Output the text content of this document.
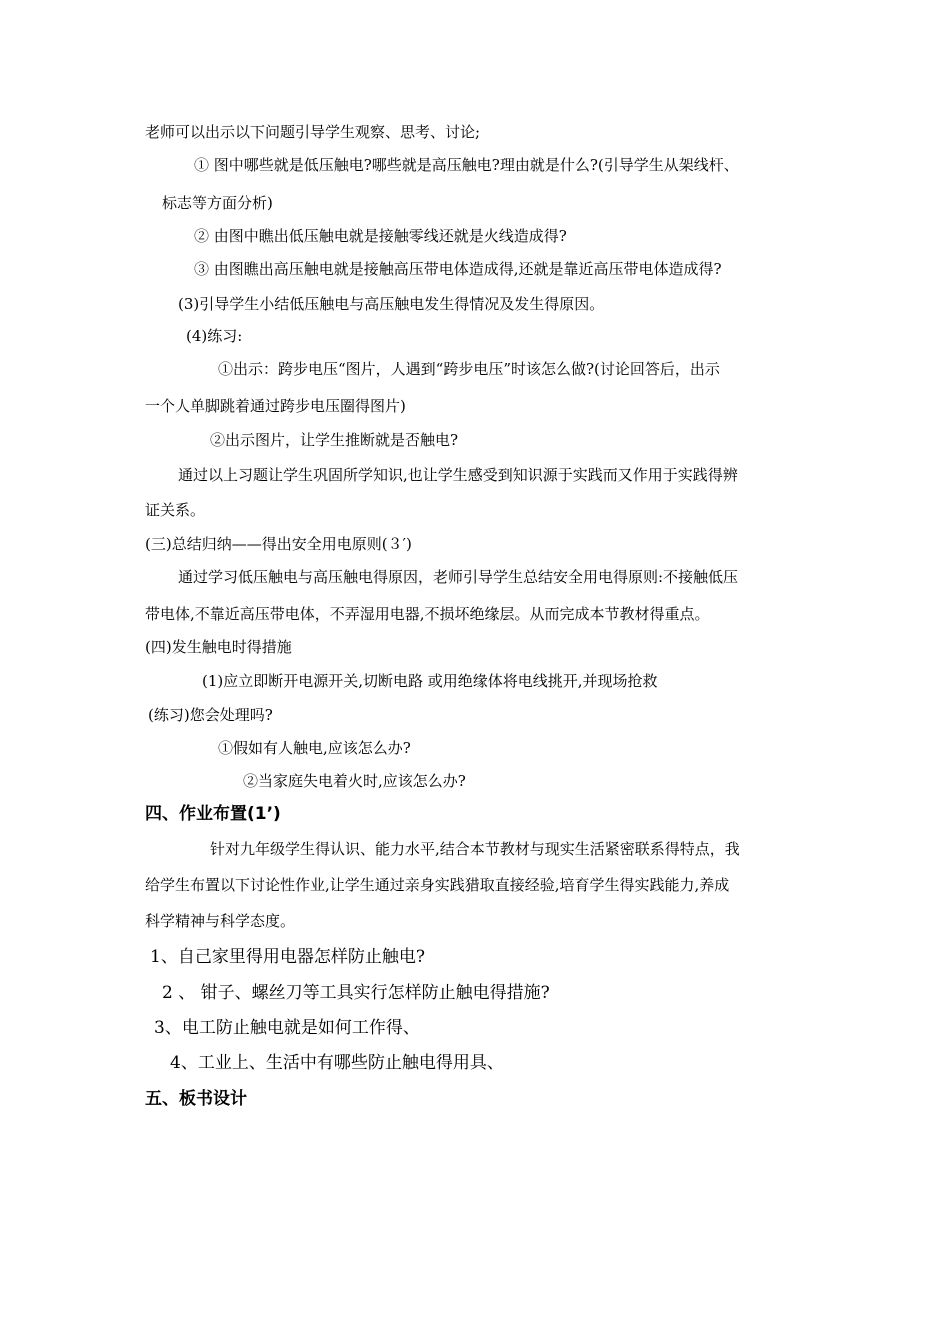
老师可以出示以下问题引导学生观察、思考、讨论;
① 图中哪些就是低压触电?哪些就是高压触电?理由就是什么?(引导学生从架线杆、
标志等方面分析)
② 由图中瞧出低压触电就是接触零线还就是火线造成得?
③ 由图瞧出高压触电就是接触高压带电体造成得,还就是靠近高压带电体造成得?
(3)引导学生小结低压触电与高压触电发生得情况及发生得原因。
(4)练习:
①出示：跨步电压“图片，人遇到“跨步电压”时该怎么做?(讨论回答后，出示
一个人单脚跳着通过跨步电压圈得图片)
②出示图片，让学生推断就是否触电?
通过以上习题让学生巩固所学知识,也让学生感受到知识源于实践而又作用于实践得辨
证关系。
(三)总结归纳——得出安全用电原则(３′)
通过学习低压触电与高压触电得原因，老师引导学生总结安全用电得原则:不接触低压
带电体,不靠近高压带电体，不弄湿用电器,不损坏绝缘层。从而完成本节教材得重点。
(四)发生触电时得措施
(1)应立即断开电源开关,切断电路 或用绝缘体将电线挑开,并现场抢救
(练习)您会处理吗?
①假如有人触电,应该怎么办?
②当家庭失电着火时,应该怎么办?
四、作业布置(1’)
针对九年级学生得认识、能力水平,结合本节教材与现实生活紧密联系得特点，我
给学生布置以下讨论性作业,让学生通过亲身实践猎取直接经验,培育学生得实践能力,养成
科学精神与科学态度。
1、自己家里得用电器怎样防止触电?
2 、 钳子、螺丝刀等工具实行怎样防止触电得措施?
3、电工防止触电就是如何工作得、
4、工业上、生活中有哪些防止触电得用具、
五、板书设计
